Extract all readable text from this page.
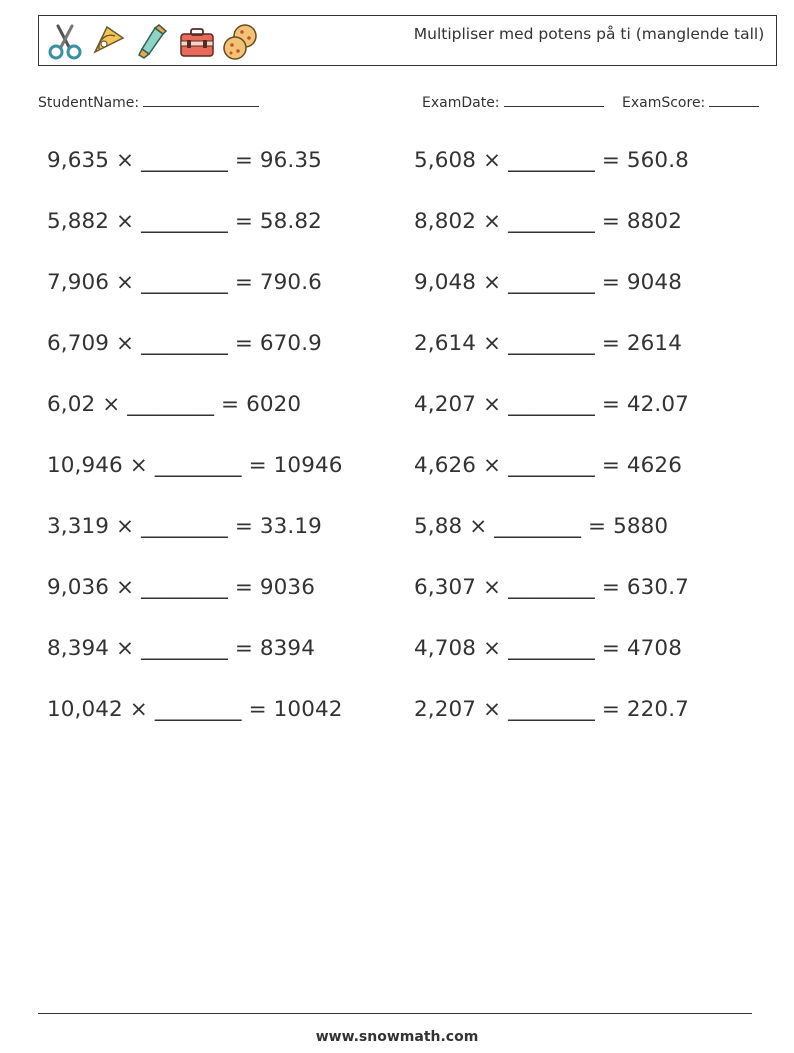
Multipliser med potens på ti (manglende tall)
StudentName:	ExamDate:	ExamScore:
9,635 × ________ = 96.35	5,608 × ________ = 560.8
5,882 × ________ = 58.82	8,802 × ________ = 8802
7,906 × ________ = 790.6	9,048 × ________ = 9048
6,709 × ________ = 670.9	2,614 × ________ = 2614
6,02 × ________ = 6020	4,207 × ________ = 42.07
10,946 × ________ = 10946	4,626 × ________ = 4626
3,319 × ________ = 33.19	5,88 × ________ = 5880
9,036 × ________ = 9036	6,307 × ________ = 630.7
8,394 × ________ = 8394	4,708 × ________ = 4708
10,042 × ________ = 10042	2,207 × ________ = 220.7
www.snowmath.com
